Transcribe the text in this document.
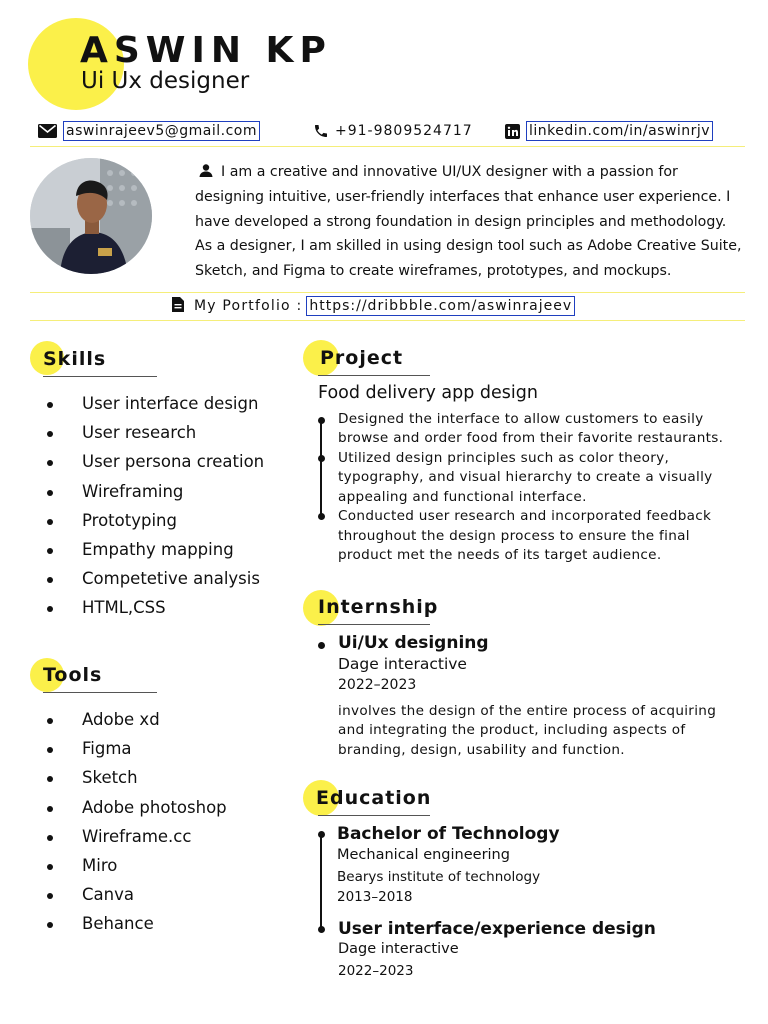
ASWIN KP
Ui Ux designer
aswinrajeev5@gmail.com	+91-9809524717	linkedin.com/in/aswinrjv
I am a creative and innovative UI/UX designer with a passion for designing intuitive, user-friendly interfaces that enhance user experience. I have developed a strong foundation in design principles and methodology. As a designer, I am skilled in using design tool such as Adobe Creative Suite, Sketch, and Figma to create wireframes, prototypes, and mockups.
My Portfolio : https://dribbble.com/aswinrajeev
Skills
User interface design
User research
User persona creation
Wireframing
Prototyping
Empathy mapping
Competetive analysis
HTML,CSS
Tools
Adobe xd
Figma
Sketch
Adobe photoshop
Wireframe.cc
Miro
Canva
Behance
Project
Food delivery app design
Designed the interface to allow customers to easily
browse and order food from their favorite restaurants.
Utilized design principles such as color theory,
typography, and visual hierarchy to create a visually
appealing and functional interface.
Conducted user research and incorporated feedback
throughout the design process to ensure the final
product met the needs of its target audience.
Internship
Ui/Ux designing
Dage interactive
2022–2023
involves the design of the entire process of acquiring
and integrating the product, including aspects of
branding, design, usability and function.
Education
Bachelor of Technology
Mechanical engineering
Bearys institute of technology
2013–2018
User interface/experience design
Dage interactive
2022–2023
